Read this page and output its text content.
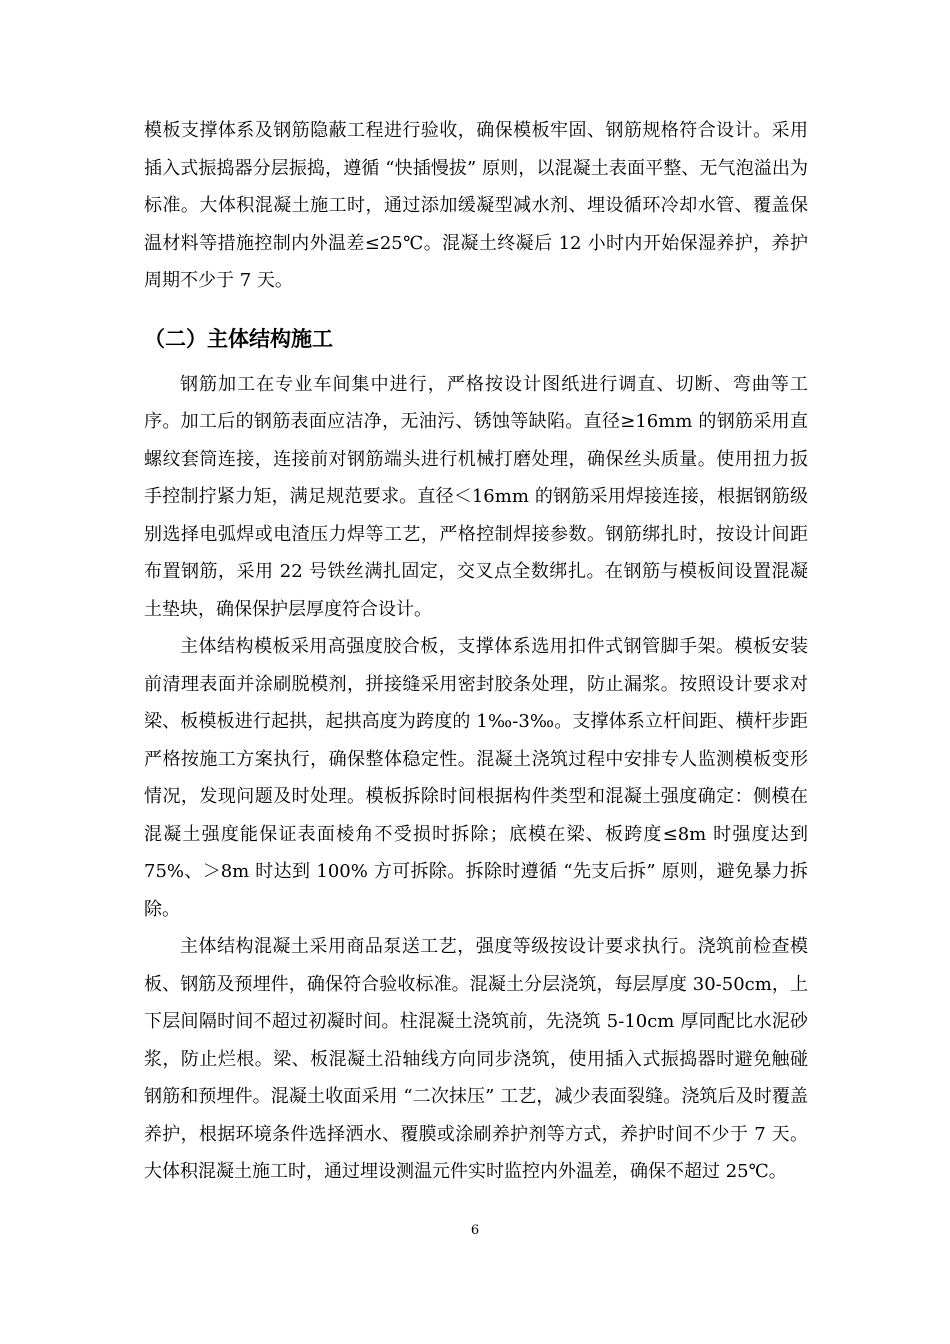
模板支撑体系及钢筋隐蔽工程进行验收，确保模板牢固、钢筋规格符合设计。采用插入式振捣器分层振捣，遵循 “快插慢拔” 原则，以混凝土表面平整、无气泡溢出为标准。大体积混凝土施工时，通过添加缓凝型减水剂、埋设循环冷却水管、覆盖保温材料等措施控制内外温差≤25℃。混凝土终凝后 12 小时内开始保湿养护，养护周期不少于 7 天。

（二）主体结构施工

钢筋加工在专业车间集中进行，严格按设计图纸进行调直、切断、弯曲等工序。加工后的钢筋表面应洁净，无油污、锈蚀等缺陷。直径≥16mm 的钢筋采用直螺纹套筒连接，连接前对钢筋端头进行机械打磨处理，确保丝头质量。使用扭力扳手控制拧紧力矩，满足规范要求。直径＜16mm 的钢筋采用焊接连接，根据钢筋级别选择电弧焊或电渣压力焊等工艺，严格控制焊接参数。钢筋绑扎时，按设计间距布置钢筋，采用 22 号铁丝满扎固定，交叉点全数绑扎。在钢筋与模板间设置混凝土垫块，确保保护层厚度符合设计。

主体结构模板采用高强度胶合板，支撑体系选用扣件式钢管脚手架。模板安装前清理表面并涂刷脱模剂，拼接缝采用密封胶条处理，防止漏浆。按照设计要求对梁、板模板进行起拱，起拱高度为跨度的 1‰-3‰。支撑体系立杆间距、横杆步距严格按施工方案执行，确保整体稳定性。混凝土浇筑过程中安排专人监测模板变形情况，发现问题及时处理。模板拆除时间根据构件类型和混凝土强度确定：侧模在混凝土强度能保证表面棱角不受损时拆除；底模在梁、板跨度≤8m 时强度达到 75%、＞8m 时达到 100% 方可拆除。拆除时遵循 “先支后拆” 原则，避免暴力拆除。

主体结构混凝土采用商品泵送工艺，强度等级按设计要求执行。浇筑前检查模板、钢筋及预埋件，确保符合验收标准。混凝土分层浇筑，每层厚度 30-50cm，上下层间隔时间不超过初凝时间。柱混凝土浇筑前，先浇筑 5-10cm 厚同配比水泥砂浆，防止烂根。梁、板混凝土沿轴线方向同步浇筑，使用插入式振捣器时避免触碰钢筋和预埋件。混凝土收面采用 “二次抹压” 工艺，减少表面裂缝。浇筑后及时覆盖养护，根据环境条件选择洒水、覆膜或涂刷养护剂等方式，养护时间不少于 7 天。大体积混凝土施工时，通过埋设测温元件实时监控内外温差，确保不超过 25℃。

6
